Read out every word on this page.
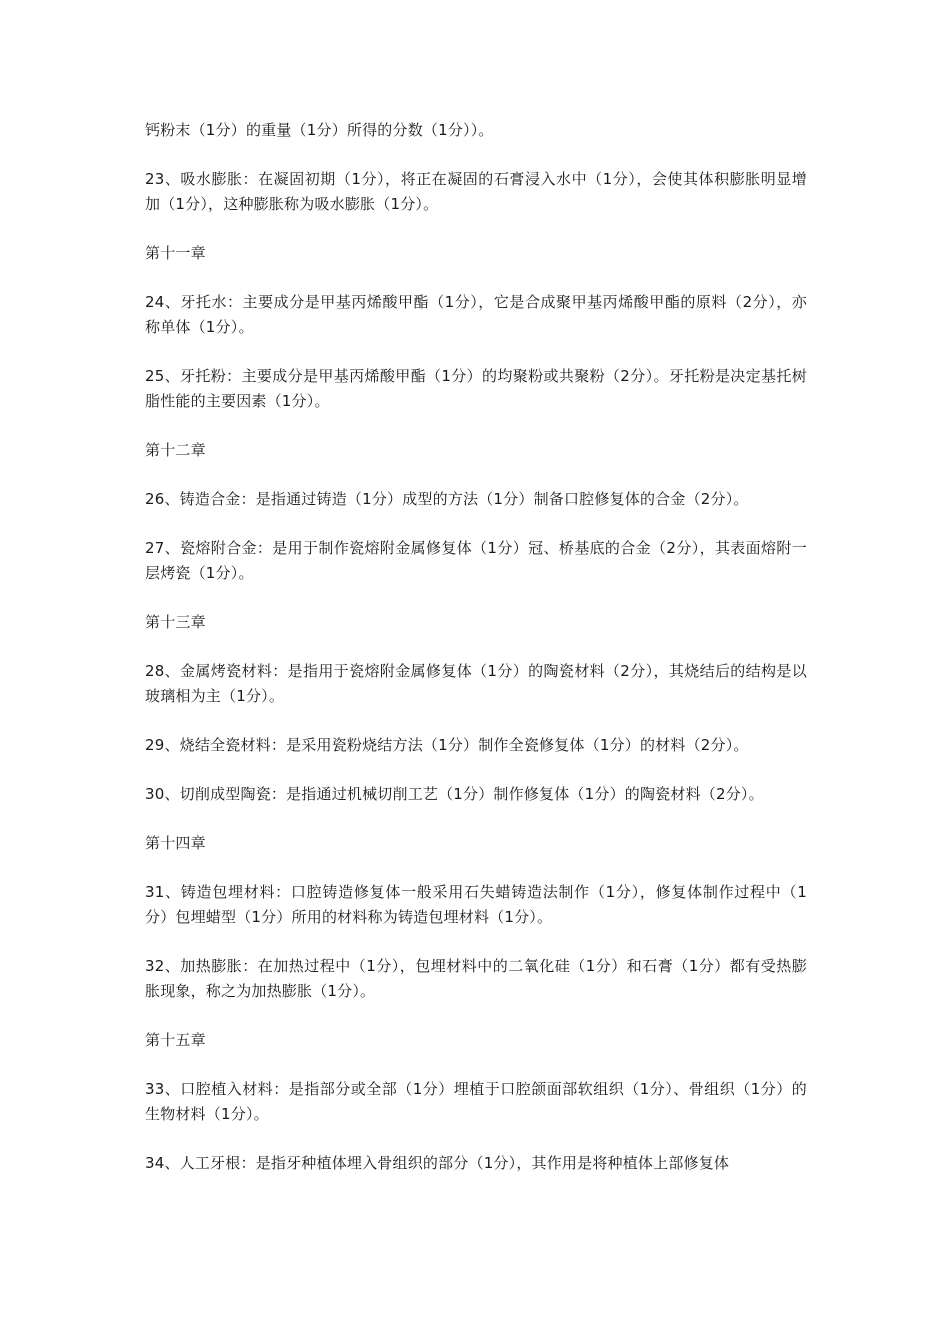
钙粉末（1分）的重量（1分）所得的分数（1分））。

23、吸水膨胀：在凝固初期（1分），将正在凝固的石膏浸入水中（1分），会使其体积膨胀明显增加（1分），这种膨胀称为吸水膨胀（1分）。

第十一章

24、牙托水：主要成分是甲基丙烯酸甲酯（1分），它是合成聚甲基丙烯酸甲酯的原料（2分），亦称单体（1分）。

25、牙托粉：主要成分是甲基丙烯酸甲酯（1分）的均聚粉或共聚粉（2分）。牙托粉是决定基托树脂性能的主要因素（1分）。

第十二章

26、铸造合金：是指通过铸造（1分）成型的方法（1分）制备口腔修复体的合金（2分）。

27、瓷熔附合金：是用于制作瓷熔附金属修复体（1分）冠、桥基底的合金（2分），其表面熔附一层烤瓷（1分）。

第十三章

28、金属烤瓷材料：是指用于瓷熔附金属修复体（1分）的陶瓷材料（2分），其烧结后的结构是以玻璃相为主（1分）。

29、烧结全瓷材料：是采用瓷粉烧结方法（1分）制作全瓷修复体（1分）的材料（2分）。

30、切削成型陶瓷：是指通过机械切削工艺（1分）制作修复体（1分）的陶瓷材料（2分）。

第十四章

31、铸造包埋材料：口腔铸造修复体一般采用石失蜡铸造法制作（1分），修复体制作过程中（1分）包埋蜡型（1分）所用的材料称为铸造包埋材料（1分）。

32、加热膨胀：在加热过程中（1分），包埋材料中的二氧化硅（1分）和石膏（1分）都有受热膨胀现象，称之为加热膨胀（1分）。

第十五章

33、口腔植入材料：是指部分或全部（1分）埋植于口腔颌面部软组织（1分）、骨组织（1分）的生物材料（1分）。

34、人工牙根：是指牙种植体埋入骨组织的部分（1分），其作用是将种植体上部修复体
